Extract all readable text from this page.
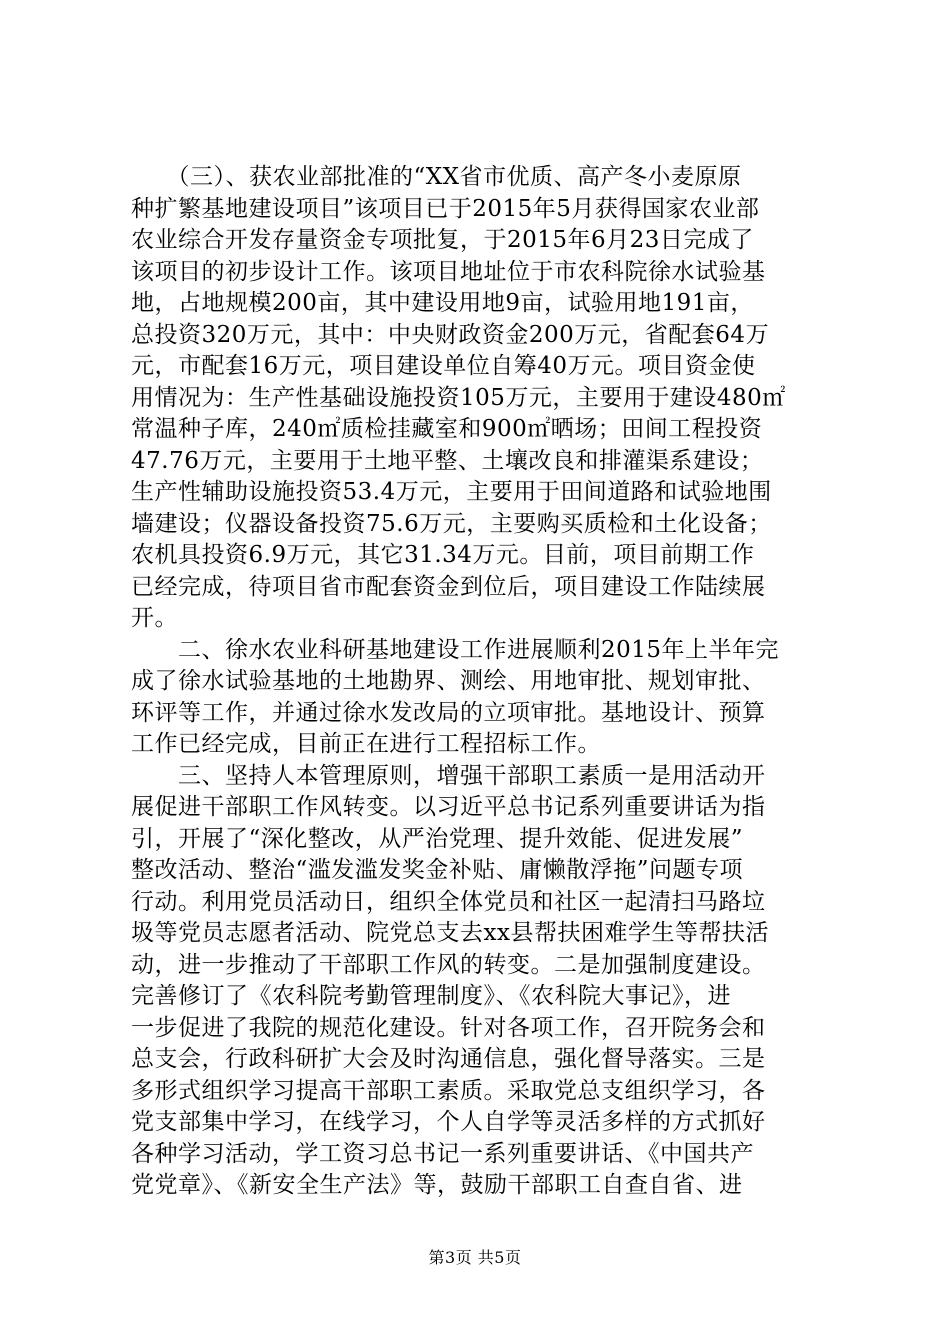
　　（三）、获农业部批准的“XX省市优质、高产冬小麦原原
种扩繁基地建设项目”该项目已于2015年5月获得国家农业部
农业综合开发存量资金专项批复，于2015年6月23日完成了
该项目的初步设计工作。该项目地址位于市农科院徐水试验基
地，占地规模200亩，其中建设用地9亩，试验用地191亩，
总投资320万元，其中：中央财政资金200万元，省配套64万
元，市配套16万元，项目建设单位自筹40万元。项目资金使
用情况为：生产性基础设施投资105万元，主要用于建设480㎡
常温种子库，240㎡质检挂藏室和900㎡晒场；田间工程投资
47.76万元，主要用于土地平整、土壤改良和排灌渠系建设；
生产性辅助设施投资53.4万元，主要用于田间道路和试验地围
墙建设；仪器设备投资75.6万元，主要购买质检和土化设备；
农机具投资6.9万元，其它31.34万元。目前，项目前期工作
已经完成，待项目省市配套资金到位后，项目建设工作陆续展
开。
　　二、徐水农业科研基地建设工作进展顺利2015年上半年完
成了徐水试验基地的土地勘界、测绘、用地审批、规划审批、
环评等工作，并通过徐水发改局的立项审批。基地设计、预算
工作已经完成，目前正在进行工程招标工作。
　　三、坚持人本管理原则，增强干部职工素质一是用活动开
展促进干部职工作风转变。以习近平总书记系列重要讲话为指
引，开展了“深化整改，从严治党理、提升效能、促进发展”
整改活动、整治“滥发滥发奖金补贴、庸懒散浮拖”问题专项
行动。利用党员活动日，组织全体党员和社区一起清扫马路垃
圾等党员志愿者活动、院党总支去xx县帮扶困难学生等帮扶活
动，进一步推动了干部职工作风的转变。二是加强制度建设。
完善修订了《农科院考勤管理制度》、《农科院大事记》，进
一步促进了我院的规范化建设。针对各项工作，召开院务会和
总支会，行政科研扩大会及时沟通信息，强化督导落实。三是
多形式组织学习提高干部职工素质。采取党总支组织学习，各
党支部集中学习，在线学习，个人自学等灵活多样的方式抓好
各种学习活动，学工资习总书记一系列重要讲话、《中国共产
党党章》、《新安全生产法》等，鼓励干部职工自查自省、进
第3页 共5页
